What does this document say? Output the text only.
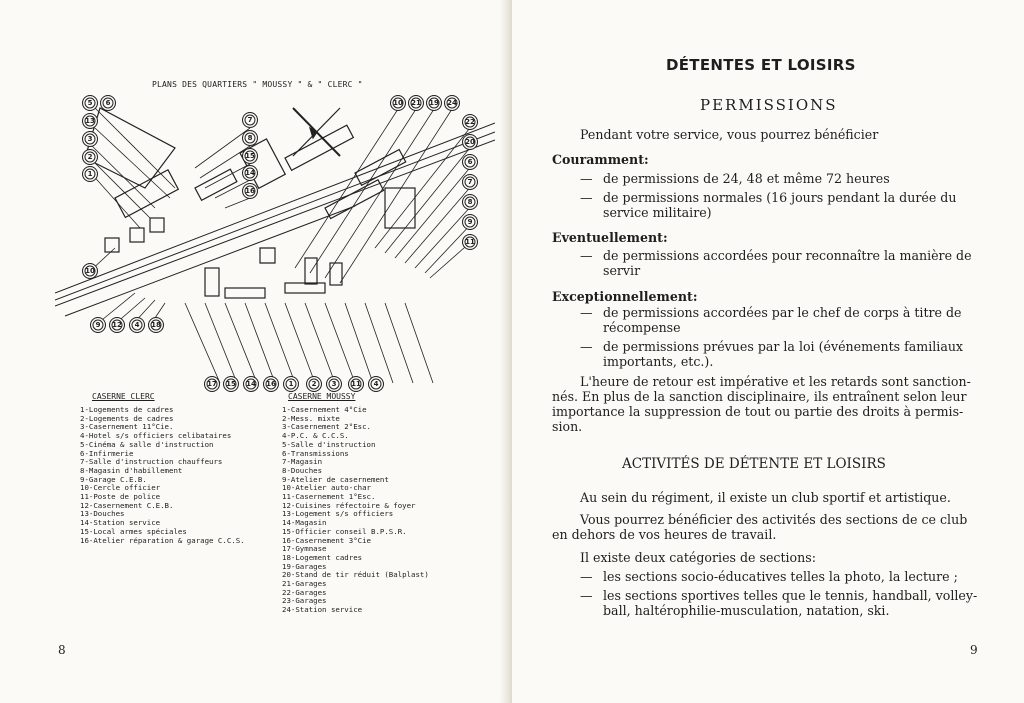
PLANS DES QUARTIERS " MOUSSY " & " CLERC "
5	6
13
3
2
1
7
8
15
14
16
10	21	19	24
22
20
6
7
8
9
11
10
9	12	4	18
17	15	14	16	1	2	3	11	4
CASERNE CLERC
1-Logements de cadres
2-Logements de cadres
3-Casernement 11°Cie.
4-Hotel s/s officiers celibataires
5-Cinéma & salle d'instruction
6-Infirmerie
7-Salle d'instruction chauffeurs
8-Magasin d'habillement
9-Garage C.E.B.
10-Cercle officier
11-Poste de police
12-Casernement C.E.B.
13-Douches
14-Station service
15-Local armes spéciales
16-Atelier réparation & garage C.C.S.
CASERNE MOUSSY
1-Casernement 4°Cie
2-Mess. mixte
3-Casernement 2°Esc.
4-P.C. & C.C.S.
5-Salle d'instruction
6-Transmissions
7-Magasin
8-Douches
9-Atelier de casernement
10-Atelier auto-char
11-Casernement 1°Esc.
12-Cuisines réfectoire & foyer
13-Logement s/s officiers
14-Magasin
15-Officier conseil B.P.S.R.
16-Casernement 3°Cie
17-Gymnase
18-Logement cadres
19-Garages
20-Stand de tir réduit (Balplast)
21-Garages
22-Garages
23-Garages
24-Station service
8
DÉTENTES ET LOISIRS
PERMISSIONS
Pendant votre service, vous pourrez bénéficier
Couramment:
— de permissions de 24, 48 et même 72 heures
— de permissions normales (16 jours pendant la durée du
service militaire)
Eventuellement:
— de permissions accordées pour reconnaître la manière de
servir
Exceptionnellement:
— de permissions accordées par le chef de corps à titre de
récompense
— de permissions prévues par la loi (événements familiaux
importants, etc.).
L'heure de retour est impérative et les retards sont sanction-
nés. En plus de la sanction disciplinaire, ils entraînent selon leur
importance la suppression de tout ou partie des droits à permis-
sion.
ACTIVITÉS DE DÉTENTE ET LOISIRS
Au sein du régiment, il existe un club sportif et artistique.
Vous pourrez bénéficier des activités des sections de ce club
en dehors de vos heures de travail.
Il existe deux catégories de sections:
— les sections socio-éducatives telles la photo, la lecture ;
— les sections sportives telles que le tennis, handball, volley-
ball, haltérophilie-musculation, natation, ski.
9
